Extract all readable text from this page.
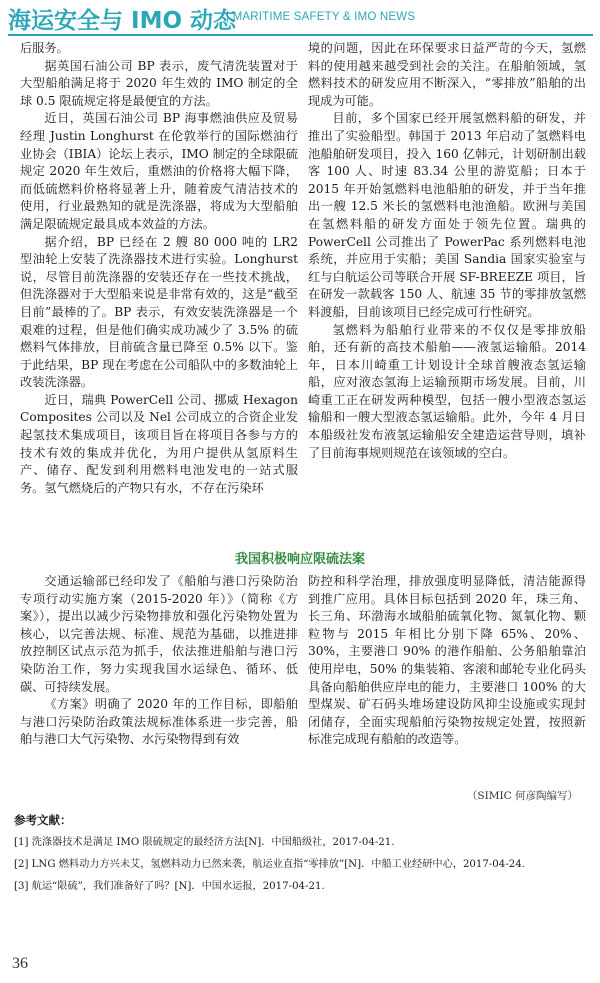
海运安全与 IMO 动态
| MARITIME SAFETY & IMO NEWS

后服务。

据英国石油公司 BP 表示，废气清洗装置对于大型船舶满足将于 2020 年生效的 IMO 制定的全球 0.5 限硫规定将是最便宜的方法。

近日，英国石油公司 BP 海事燃油供应及贸易经理 Justin Longhurst 在伦敦举行的国际燃油行业协会（IBIA）论坛上表示，IMO 制定的全球限硫规定 2020 年生效后，重燃油的价格将大幅下降，而低硫燃料价格将显著上升，随着废气清洁技术的使用，行业最熟知的就是洗涤器，将成为大型船舶满足限硫规定最具成本效益的方法。

据介绍，BP 已经在 2 艘 80 000 吨的 LR2 型油轮上安装了洗涤器技术进行实验。Longhurst 说，尽管目前洗涤器的安装还存在一些技术挑战，但洗涤器对于大型船来说是非常有效的，这是“截至目前”最棒的了。BP 表示，有效安装洗涤器是一个艰难的过程，但是他们确实成功减少了 3.5% 的硫燃料气体排放，目前硫含量已降至 0.5% 以下。鉴于此结果，BP 现在考虑在公司船队中的多数油轮上改装洗涤器。

近日，瑞典 PowerCell 公司、挪威 Hexagon Composites 公司以及 Nel 公司成立的合资企业发起氢技术集成项目，该项目旨在将项目各参与方的技术有效的集成并优化，为用户提供从氢原料生产、储存、配发到利用燃料电池发电的一站式服务。氢气燃烧后的产物只有水，不存在污染环

境的问题，因此在环保要求日益严苛的今天，氢燃料的使用越来越受到社会的关注。在船舶领域，氢燃料技术的研发应用不断深入，“零排放”船舶的出现成为可能。

目前，多个国家已经开展氢燃料船的研发，并推出了实验船型。韩国于 2013 年启动了氢燃料电池船舶研发项目，投入 160 亿韩元，计划研制出载客 100 人、时速 83.34 公里的游览船；日本于 2015 年开始氢燃料电池船舶的研发，并于当年推出一艘 12.5 米长的氢燃料电池渔船。欧洲与美国在氢燃料船的研发方面处于领先位置。瑞典的 PowerCell 公司推出了 PowerPac 系列燃料电池系统，并应用于实船；美国 Sandia 国家实验室与红与白航运公司等联合开展 SF-BREEZE 项目，旨在研发一款载客 150 人、航速 35 节的零排放氢燃料渡船，目前该项目已经完成可行性研究。

氢燃料为船舶行业带来的不仅仅是零排放船舶，还有新的高技术船舶——液氢运输船。2014 年，日本川崎重工计划设计全球首艘液态氢运输船，应对液态氢海上运输预期市场发展。目前，川崎重工正在研发两种模型，包括一艘小型液态氢运输船和一艘大型液态氢运输船。此外，今年 4 月日本船级社发布液氢运输船安全建造运营导则，填补了目前海事规则规范在该领域的空白。

我国积极响应限硫法案

交通运输部已经印发了《船舶与港口污染防治专项行动实施方案（2015-2020 年）》（简称《方案》），提出以减少污染物排放和强化污染物处置为核心，以完善法规、标准、规范为基础，以推进排放控制区试点示范为抓手，依法推进船舶与港口污染防治工作，努力实现我国水运绿色、循环、低碳、可持续发展。

《方案》明确了 2020 年的工作目标，即船舶与港口污染防治政策法规标准体系进一步完善，船舶与港口大气污染物、水污染物得到有效

防控和科学治理，排放强度明显降低，清洁能源得到推广应用。具体目标包括到 2020 年，珠三角、长三角、环渤海水域船舶硫氧化物、氮氧化物、颗粒物与 2015 年相比分别下降 65%、20%、30%，主要港口 90% 的港作船舶、公务船舶靠泊使用岸电，50% 的集装箱、客滚和邮轮专业化码头具备向船舶供应岸电的能力，主要港口 100% 的大型煤炭、矿石码头堆场建设防风抑尘设施或实现封闭储存，全面实现船舶污染物按规定处置，按照新标准完成现有船舶的改造等。

（SIMIC 何彦陶编写）
参考文献：
[1] 洗涤器技术是满足 IMO 限硫规定的最经济方法[N]．中国船级社，2017-04-21.
[2] LNG 燃料动力方兴未艾，氢燃料动力已然来袭，航运业直指“零排放”[N]．中船工业经研中心，2017-04-24.
[3] 航运“限硫”，我们准备好了吗？[N]．中国水运报，2017-04-21.
36
